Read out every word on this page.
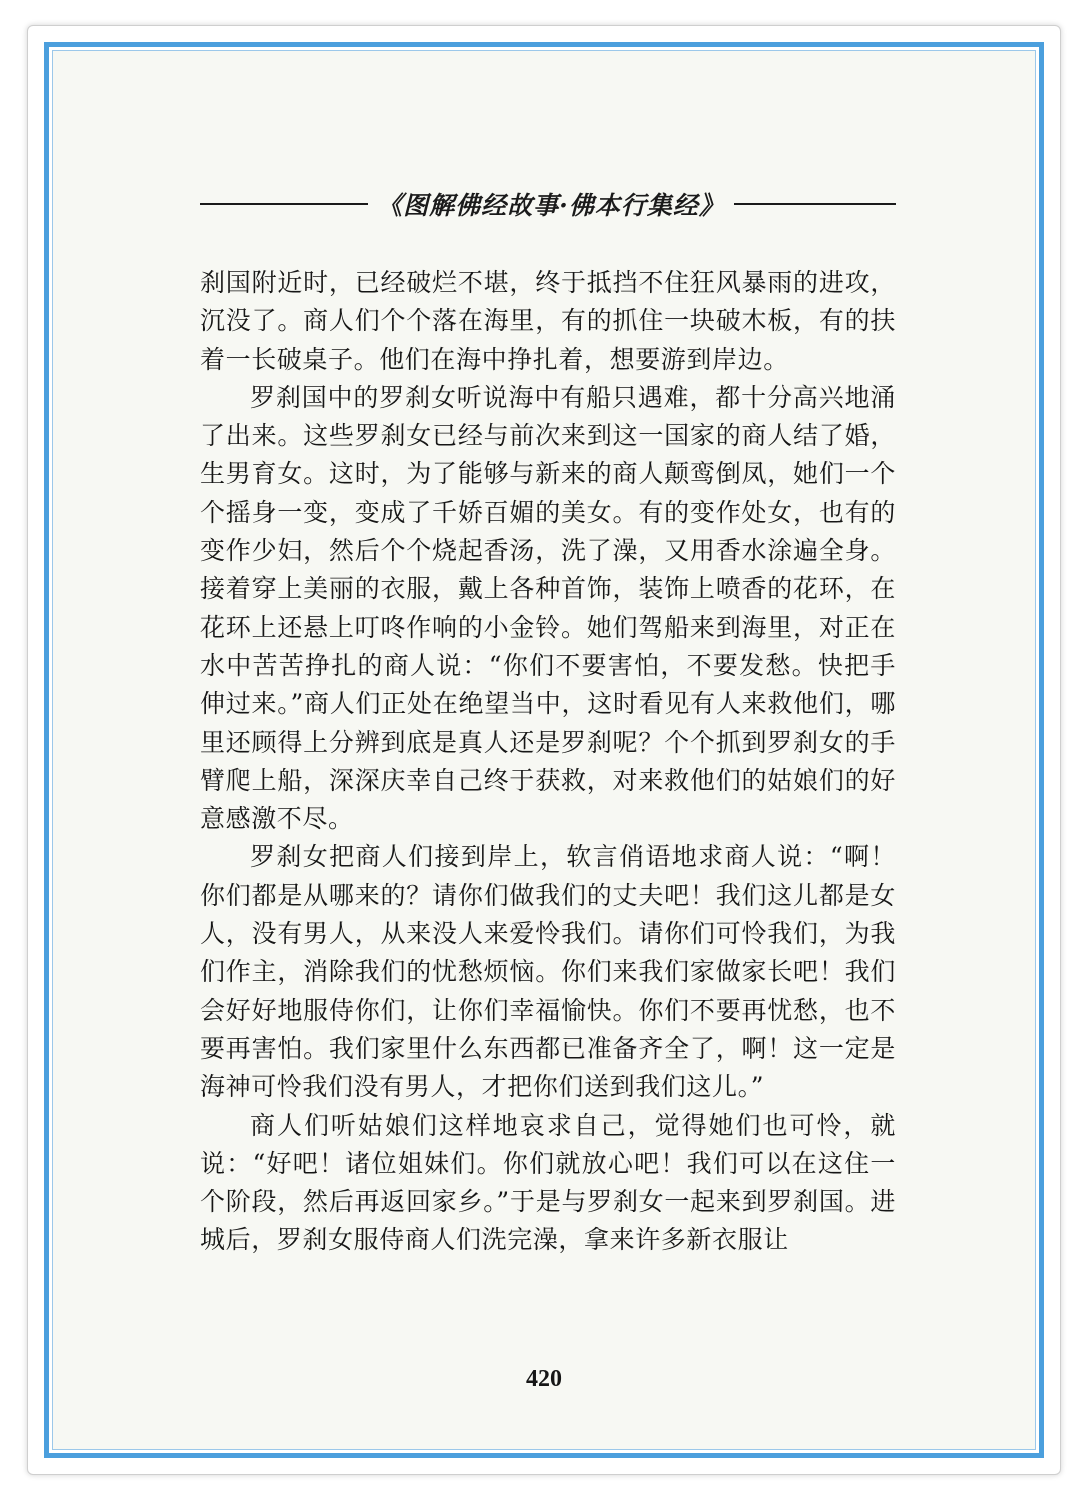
《图解佛经故事·佛本行集经》

刹国附近时，已经破烂不堪，终于抵挡不住狂风暴雨的进攻，沉没了。商人们个个落在海里，有的抓住一块破木板，有的扶着一长破桌子。他们在海中挣扎着，想要游到岸边。

罗刹国中的罗刹女听说海中有船只遇难，都十分高兴地涌了出来。这些罗刹女已经与前次来到这一国家的商人结了婚，生男育女。这时，为了能够与新来的商人颠鸾倒凤，她们一个个摇身一变，变成了千娇百媚的美女。有的变作处女，也有的变作少妇，然后个个烧起香汤，洗了澡，又用香水涂遍全身。接着穿上美丽的衣服，戴上各种首饰，装饰上喷香的花环，在花环上还悬上叮咚作响的小金铃。她们驾船来到海里，对正在水中苦苦挣扎的商人说：“你们不要害怕，不要发愁。快把手伸过来。”商人们正处在绝望当中，这时看见有人来救他们，哪里还顾得上分辨到底是真人还是罗刹呢？个个抓到罗刹女的手臂爬上船，深深庆幸自己终于获救，对来救他们的姑娘们的好意感激不尽。

罗刹女把商人们接到岸上，软言俏语地求商人说：“啊！你们都是从哪来的？请你们做我们的丈夫吧！我们这儿都是女人，没有男人，从来没人来爱怜我们。请你们可怜我们，为我们作主，消除我们的忧愁烦恼。你们来我们家做家长吧！我们会好好地服侍你们，让你们幸福愉快。你们不要再忧愁，也不要再害怕。我们家里什么东西都已准备齐全了，啊！这一定是海神可怜我们没有男人，才把你们送到我们这儿。”

商人们听姑娘们这样地哀求自己，觉得她们也可怜，就说：“好吧！诸位姐妹们。你们就放心吧！我们可以在这住一个阶段，然后再返回家乡。”于是与罗刹女一起来到罗刹国。进城后，罗刹女服侍商人们洗完澡，拿来许多新衣服让

420
